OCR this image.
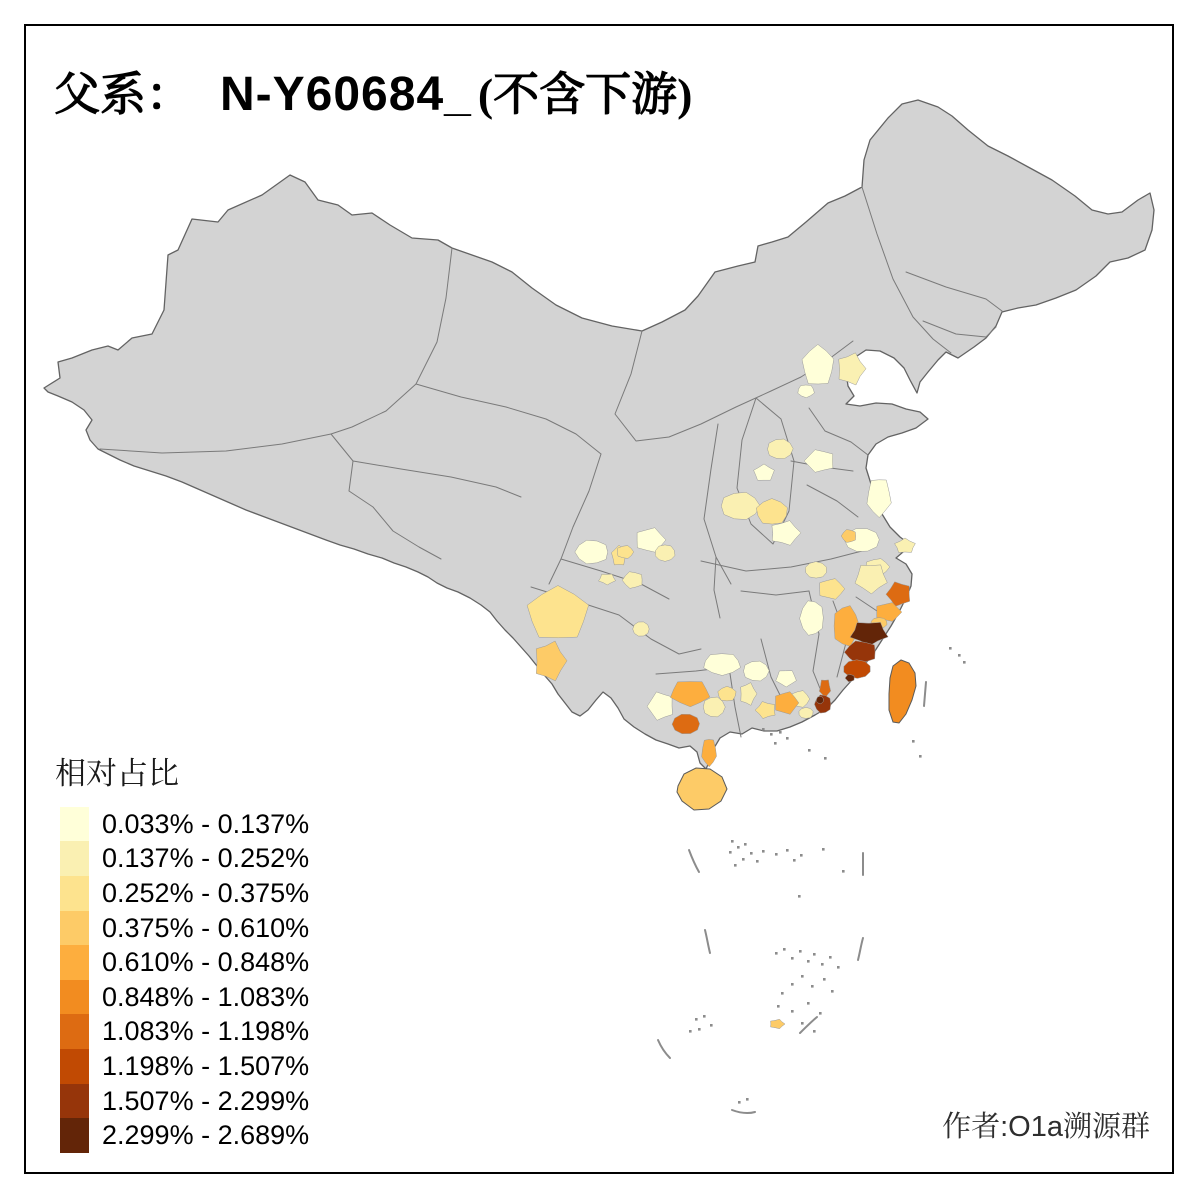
父系： N-Y60684_ (不含下游)
相对占比
0.033% - 0.137%
0.137% - 0.252%
0.252% - 0.375%
0.375% - 0.610%
0.610% - 0.848%
0.848% - 1.083%
1.083% - 1.198%
1.198% - 1.507%
1.507% - 2.299%
2.299% - 2.689%	作者:O1a溯源群
